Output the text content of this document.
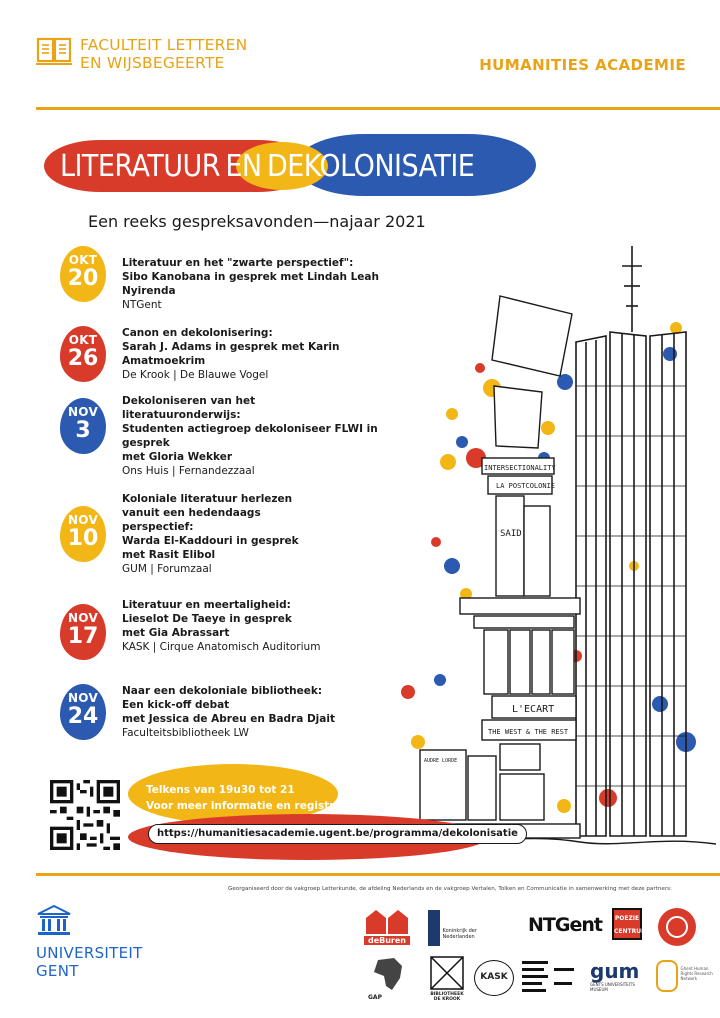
FACULTEIT LETTEREN
EN WIJSBEGEERTE	HUMANITIES ACADEMIE
LITERATUUR EN DEKOLONISATIE
Een reeks gespreksavonden—najaar 2021
OKT
20
Literatuur en het "zwarte perspectief":
Sibo Kanobana in gesprek met Lindah Leah Nyirenda
NTGent
OKT
26
Canon en dekolonisering:
Sarah J. Adams in gesprek met Karin Amatmoekrim
De Krook | De Blauwe Vogel
NOV
3
Dekoloniseren van het literatuuronderwijs:
Studenten actiegroep dekoloniseer FLWI in gesprek
met Gloria Wekker
Ons Huis | Fernandezzaal
NOV
10
Koloniale literatuur herlezen vanuit een hedendaags perspectief:
Warda El-Kaddouri in gesprek
met Rasit Elibol
GUM | Forumzaal
NOV
17
Literatuur en meertaligheid:
Lieselot De Taeye in gesprek
met Gia Abrassart
KASK | Cirque Anatomisch Auditorium
NOV
24
Naar een dekoloniale bibliotheek:
Een kick-off debat
met Jessica de Abreu en Badra Djait
Faculteitsbibliotheek LW
INTERSECTIONALITY
LA POSTCOLONIE
SAID
L'ECART
THE WEST & THE REST
AUDRE LORDE
Telkens van 19u30 tot 21
Voor meer informatie en registratie:
https://humanitiesacademie.ugent.be/programma/dekolonisatie
UNIVERSITEIT
GENT
Georganiseerd door de vakgroep Letterkunde, de afdeling Nederlands en de vakgroep Vertalen, Tolken en Communicatie in samenwerking met deze partners:
deBuren
Koninkrijk der Nederlanden
NTGent	POEZIE CENTRUM
GAP	BIBLIOTHEEK DE KROOK
KASK	gum
GENTS UNIVERSITEITS MUSEUM
Ghent Human Rights Research Network
